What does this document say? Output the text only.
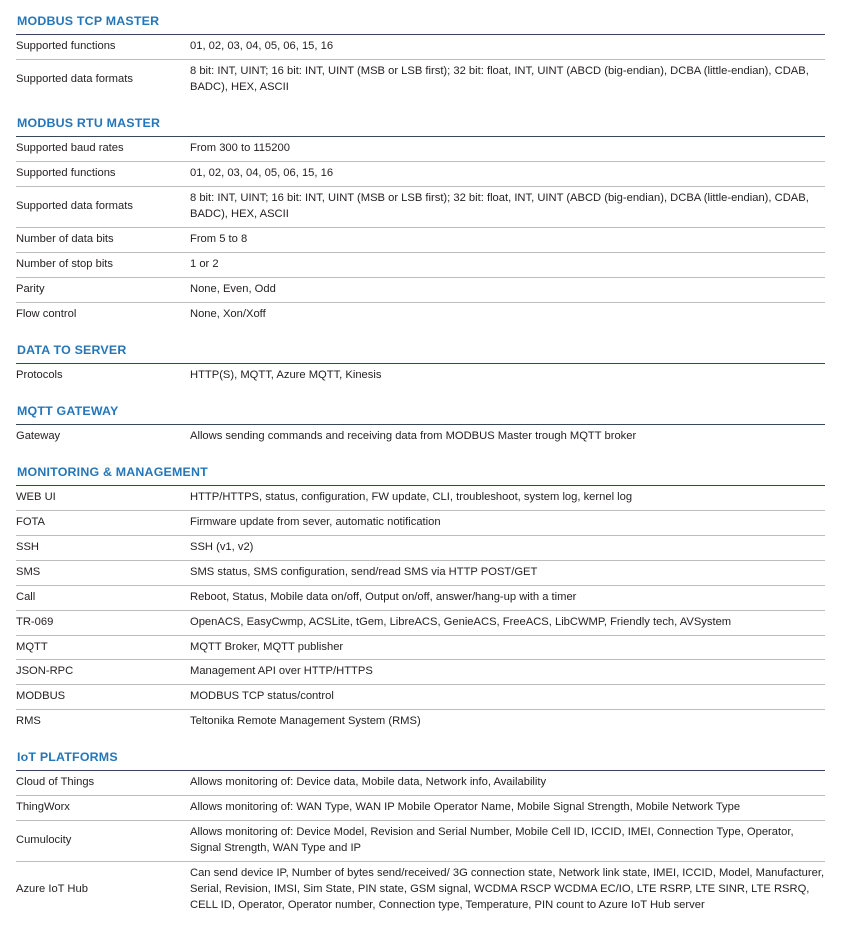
MODBUS TCP MASTER
Supported functions	01, 02, 03, 04, 05, 06, 15, 16
Supported data formats	8 bit: INT, UINT; 16 bit: INT, UINT (MSB or LSB first); 32 bit: float, INT, UINT (ABCD (big-endian), DCBA (little-endian), CDAB, BADC), HEX, ASCII
MODBUS RTU MASTER
Supported baud rates	From 300 to 115200
Supported functions	01, 02, 03, 04, 05, 06, 15, 16
Supported data formats	8 bit: INT, UINT; 16 bit: INT, UINT (MSB or LSB first); 32 bit: float, INT, UINT (ABCD (big-endian), DCBA (little-endian), CDAB, BADC), HEX, ASCII
Number of data bits	From 5 to 8
Number of stop bits	1 or 2
Parity	None, Even, Odd
Flow control	None, Xon/Xoff
DATA TO SERVER
Protocols	HTTP(S), MQTT, Azure MQTT, Kinesis
MQTT GATEWAY
Gateway	Allows sending commands and receiving data from MODBUS Master trough MQTT broker
MONITORING & MANAGEMENT
WEB UI	HTTP/HTTPS, status, configuration, FW update, CLI, troubleshoot, system log, kernel log
FOTA	Firmware update from sever, automatic notification
SSH	SSH (v1, v2)
SMS	SMS status, SMS configuration, send/read SMS via HTTP POST/GET
Call	Reboot, Status, Mobile data on/off, Output on/off, answer/hang-up with a timer
TR-069	OpenACS, EasyCwmp, ACSLite, tGem, LibreACS, GenieACS, FreeACS, LibCWMP, Friendly tech, AVSystem
MQTT	MQTT Broker, MQTT publisher
JSON-RPC	Management API over HTTP/HTTPS
MODBUS	MODBUS TCP status/control
RMS	Teltonika Remote Management System (RMS)
IoT PLATFORMS
Cloud of Things	Allows monitoring of: Device data, Mobile data, Network info, Availability
ThingWorx	Allows monitoring of: WAN Type, WAN IP Mobile Operator Name, Mobile Signal Strength, Mobile Network Type
Cumulocity	Allows monitoring of: Device Model, Revision and Serial Number, Mobile Cell ID, ICCID, IMEI, Connection Type, Operator, Signal Strength, WAN Type and IP
Azure IoT Hub	Can send device IP, Number of bytes send/received/ 3G connection state, Network link state, IMEI, ICCID, Model, Manufacturer, Serial, Revision, IMSI, Sim State, PIN state, GSM signal, WCDMA RSCP WCDMA EC/IO, LTE RSRP, LTE SINR, LTE RSRQ, CELL ID, Operator, Operator number, Connection type, Temperature, PIN count to Azure IoT Hub server
